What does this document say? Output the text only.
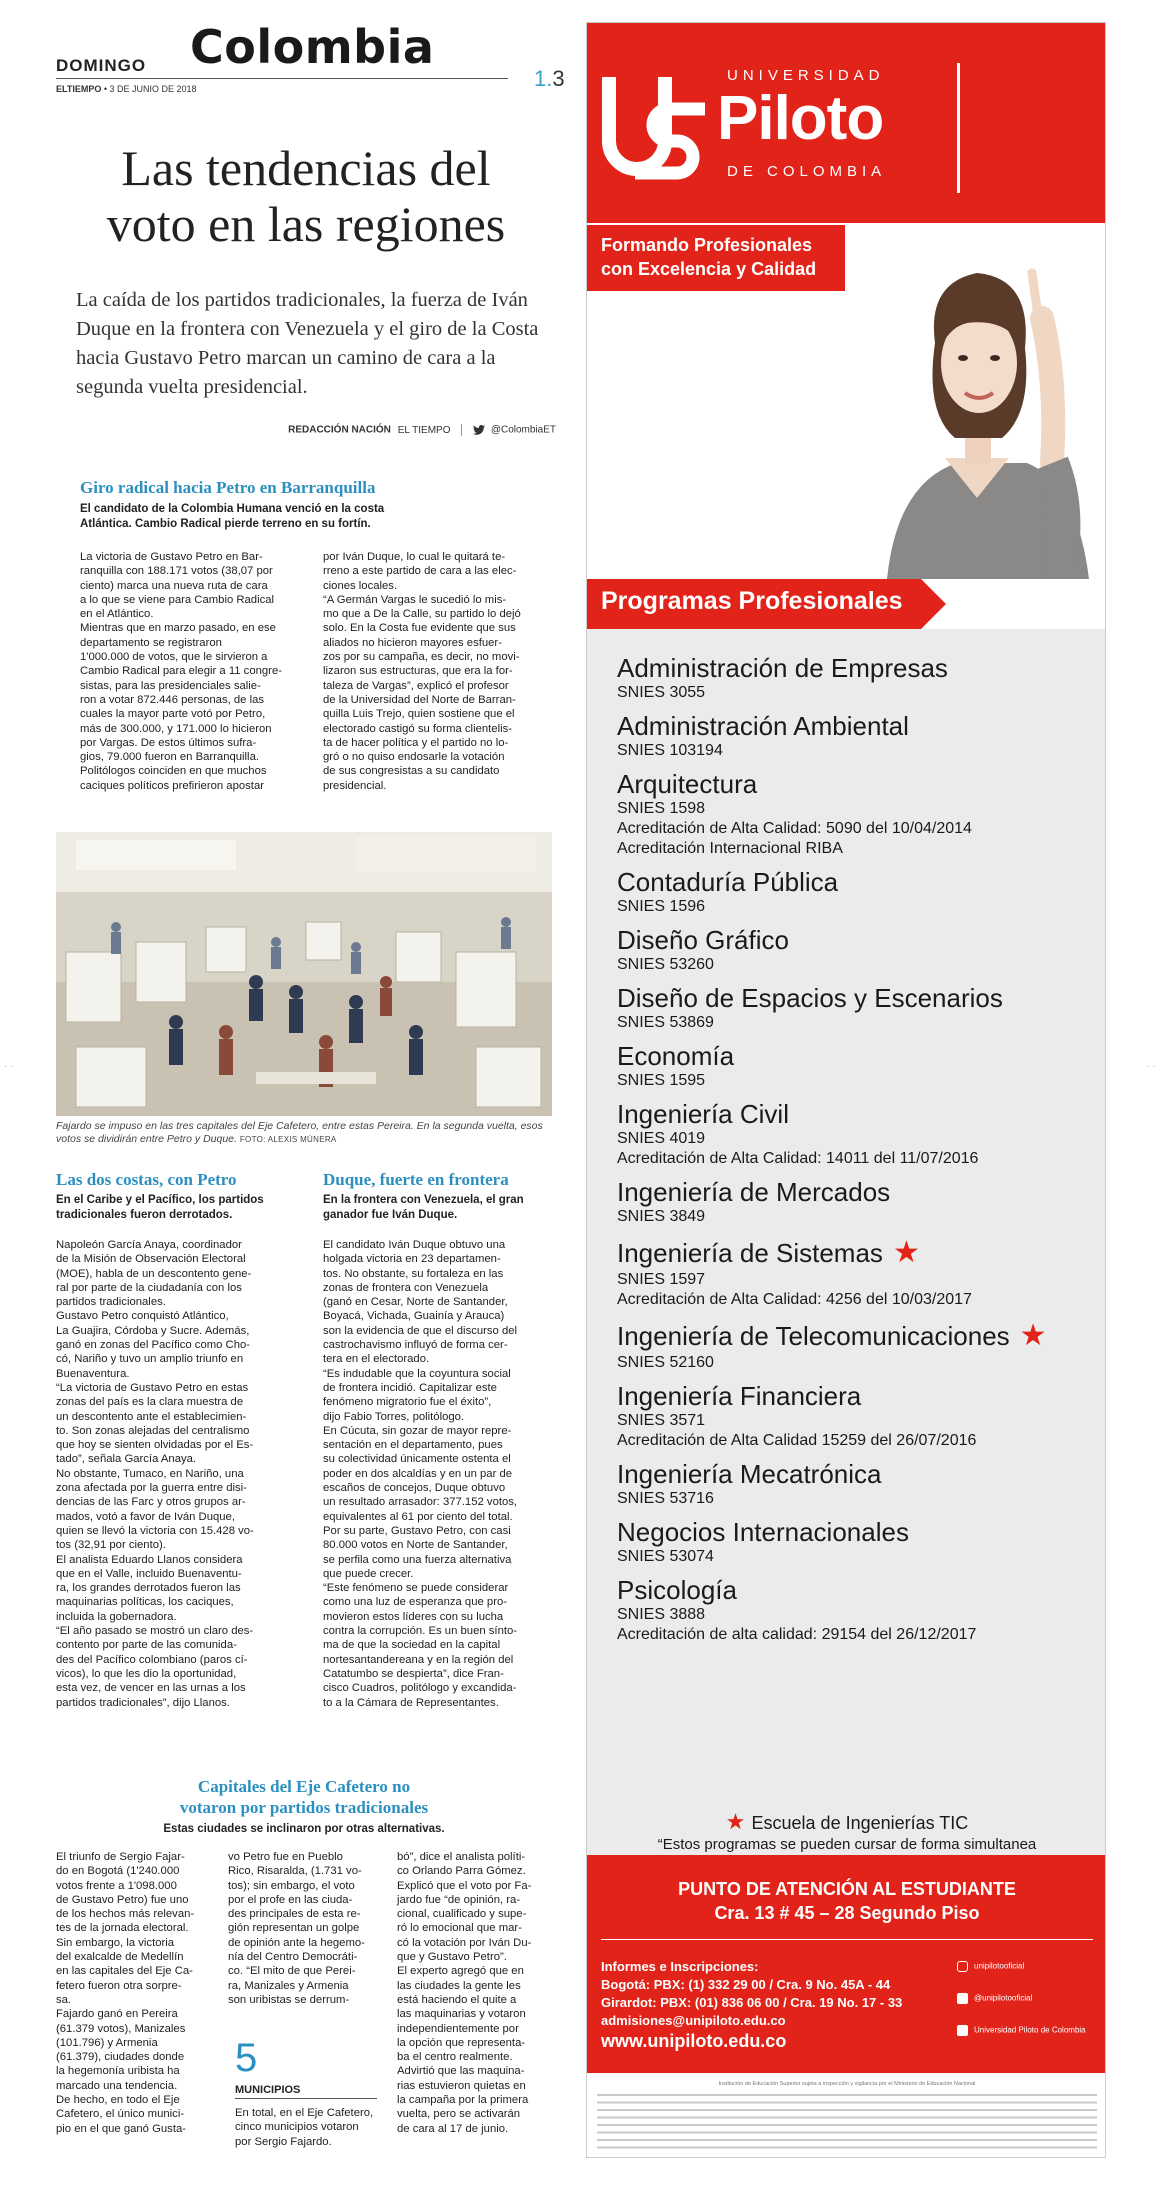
DOMINGO Colombia
ELTIEMPO • 3 DE JUNIO DE 2018	1.3
Las tendencias del
voto en las regiones
La caída de los partidos tradicionales, la fuerza de Iván Duque en la frontera con Venezuela y el giro de la Costa hacia Gustavo Petro marcan un camino de cara a la segunda vuelta presidencial.
REDACCIÓN NACIÓN EL TIEMPO	@ColombiaET
Giro radical hacia Petro en Barranquilla
El candidato de la Colombia Humana venció en la costa Atlántica. Cambio Radical pierde terreno en su fortín.
La victoria de Gustavo Petro en Bar-
ranquilla con 188.171 votos (38,07 por
ciento) marca una nueva ruta de cara
a lo que se viene para Cambio Radical
en el Atlántico.
Mientras que en marzo pasado, en ese
departamento se registraron
1'000.000 de votos, que le sirvieron a
Cambio Radical para elegir a 11 congre-
sistas, para las presidenciales salie-
ron a votar 872.446 personas, de las
cuales la mayor parte votó por Petro,
más de 300.000, y 171.000 lo hicieron
por Vargas. De estos últimos sufra-
gios, 79.000 fueron en Barranquilla.
Politólogos coinciden en que muchos
caciques políticos prefirieron apostar
por Iván Duque, lo cual le quitará te-
rreno a este partido de cara a las elec-
ciones locales.
“A Germán Vargas le sucedió lo mis-
mo que a De la Calle, su partido lo dejó
solo. En la Costa fue evidente que sus
aliados no hicieron mayores esfuer-
zos por su campaña, es decir, no movi-
lizaron sus estructuras, que era la for-
taleza de Vargas”, explicó el profesor
de la Universidad del Norte de Barran-
quilla Luis Trejo, quien sostiene que el
electorado castigó su forma clientelis-
ta de hacer política y el partido no lo-
gró o no quiso endosarle la votación
de sus congresistas a su candidato
presidencial.
Fajardo se impuso en las tres capitales del Eje Cafetero, entre estas Pereira. En la segunda vuelta, esos votos se dividirán entre Petro y Duque. FOTO: ALEXIS MÚNERA
Las dos costas, con Petro
En el Caribe y el Pacífico, los partidos tradicionales fueron derrotados.
Napoleón García Anaya, coordinador
de la Misión de Observación Electoral
(MOE), habla de un descontento gene-
ral por parte de la ciudadanía con los
partidos tradicionales.
Gustavo Petro conquistó Atlántico,
La Guajira, Córdoba y Sucre. Además,
ganó en zonas del Pacífico como Cho-
có, Nariño y tuvo un amplio triunfo en
Buenaventura.
“La victoria de Gustavo Petro en estas
zonas del país es la clara muestra de
un descontento ante el establecimien-
to. Son zonas alejadas del centralismo
que hoy se sienten olvidadas por el Es-
tado”, señala García Anaya.
No obstante, Tumaco, en Nariño, una
zona afectada por la guerra entre disi-
dencias de las Farc y otros grupos ar-
mados, votó a favor de Iván Duque,
quien se llevó la victoria con 15.428 vo-
tos (32,91 por ciento).
El analista Eduardo Llanos considera
que en el Valle, incluido Buenaventu-
ra, los grandes derrotados fueron las
maquinarias políticas, los caciques,
incluida la gobernadora.
“El año pasado se mostró un claro des-
contento por parte de las comunida-
des del Pacífico colombiano (paros cí-
vicos), lo que les dio la oportunidad,
esta vez, de vencer en las urnas a los
partidos tradicionales”, dijo Llanos.
Duque, fuerte en frontera
En la frontera con Venezuela, el gran ganador fue Iván Duque.
El candidato Iván Duque obtuvo una
holgada victoria en 23 departamen-
tos. No obstante, su fortaleza en las
zonas de frontera con Venezuela
(ganó en Cesar, Norte de Santander,
Boyacá, Vichada, Guainía y Arauca)
son la evidencia de que el discurso del
castrochavismo influyó de forma cer-
tera en el electorado.
“Es indudable que la coyuntura social
de frontera incidió. Capitalizar este
fenómeno migratorio fue el éxito”,
dijo Fabio Torres, politólogo.
En Cúcuta, sin gozar de mayor repre-
sentación en el departamento, pues
su colectividad únicamente ostenta el
poder en dos alcaldías y en un par de
escaños de concejos, Duque obtuvo
un resultado arrasador: 377.152 votos,
equivalentes al 61 por ciento del total.
Por su parte, Gustavo Petro, con casi
80.000 votos en Norte de Santander,
se perfila como una fuerza alternativa
que puede crecer.
“Este fenómeno se puede considerar
como una luz de esperanza que pro-
movieron estos líderes con su lucha
contra la corrupción. Es un buen sínto-
ma de que la sociedad en la capital
nortesantandereana y en la región del
Catatumbo se despierta”, dice Fran-
cisco Cuadros, politólogo y excandida-
to a la Cámara de Representantes.
Capitales del Eje Cafetero no
votaron por partidos tradicionales
Estas ciudades se inclinaron por otras alternativas.
El triunfo de Sergio Fajar-
do en Bogotá (1'240.000
votos frente a 1'098.000
de Gustavo Petro) fue uno
de los hechos más relevan-
tes de la jornada electoral.
Sin embargo, la victoria
del exalcalde de Medellín
en las capitales del Eje Ca-
fetero fueron otra sorpre-
sa.
Fajardo ganó en Pereira
(61.379 votos), Manizales
(101.796) y Armenia
(61.379), ciudades donde
la hegemonía uribista ha
marcado una tendencia.
De hecho, en todo el Eje
Cafetero, el único munici-
pio en el que ganó Gusta-
vo Petro fue en Pueblo
Rico, Risaralda, (1.731 vo-
tos); sin embargo, el voto
por el profe en las ciuda-
des principales de esta re-
gión representan un golpe
de opinión ante la hegemo-
nía del Centro Democráti-
co. “El mito de que Perei-
ra, Manizales y Armenia
son uribistas se derrum-
bó”, dice el analista políti-
co Orlando Parra Gómez.
Explicó que el voto por Fa-
jardo fue “de opinión, ra-
cional, cualificado y supe-
ró lo emocional que mar-
có la votación por Iván Du-
que y Gustavo Petro”.
El experto agregó que en
las ciudades la gente les
está haciendo el quite a
las maquinarias y votaron
independientemente por
la opción que representa-
ba el centro realmente.
Advirtió que las maquina-
rias estuvieron quietas en
la campaña por la primera
vuelta, pero se activarán
de cara al 17 de junio.
5
MUNICIPIOS
En total, en el Eje Cafetero, cinco municipios votaron por Sergio Fajardo.
UNIVERSIDAD
Piloto
DE COLOMBIA
Formando Profesionales
con Excelencia y Calidad
Programas Profesionales
Administración de Empresas
SNIES 3055
Administración Ambiental
SNIES 103194
Arquitectura
SNIES 1598
Acreditación de Alta Calidad: 5090 del 10/04/2014
Acreditación Internacional RIBA
Contaduría Pública
SNIES 1596
Diseño Gráfico
SNIES 53260
Diseño de Espacios y Escenarios
SNIES 53869
Economía
SNIES 1595
Ingeniería Civil
SNIES 4019
Acreditación de Alta Calidad: 14011 del 11/07/2016
Ingeniería de Mercados
SNIES 3849
Ingeniería de Sistemas ★

SNIES 1597
Acreditación de Alta Calidad: 4256 del 10/03/2017
Ingeniería de Telecomunicaciones ★

SNIES 52160
Ingeniería Financiera
SNIES 3571
Acreditación de Alta Calidad 15259 del 26/07/2016
Ingeniería Mecatrónica
SNIES 53716
Negocios Internacionales
SNIES 53074
Psicología
SNIES 3888
Acreditación de alta calidad: 29154 del 26/12/2017
★ Escuela de Ingenierías TIC
“Estos programas se pueden cursar de forma simultanea
PUNTO DE ATENCIÓN AL ESTUDIANTE
Cra. 13 # 45 – 28 Segundo Piso
Informes e Inscripciones:
Bogotá: PBX: (1) 332 29 00 / Cra. 9 No. 45A - 44
Girardot: PBX: (01) 836 06 00 / Cra. 19 No. 17 - 33
admisiones@unipiloto.edu.co
www.unipiloto.edu.co
unipilotooficial
@unipilotooficial
Universidad Piloto de Colombia
Institución de Educación Superior sujeta a inspección y vigilancia por el Ministerio de Educación Nacional
· ·	· ·
